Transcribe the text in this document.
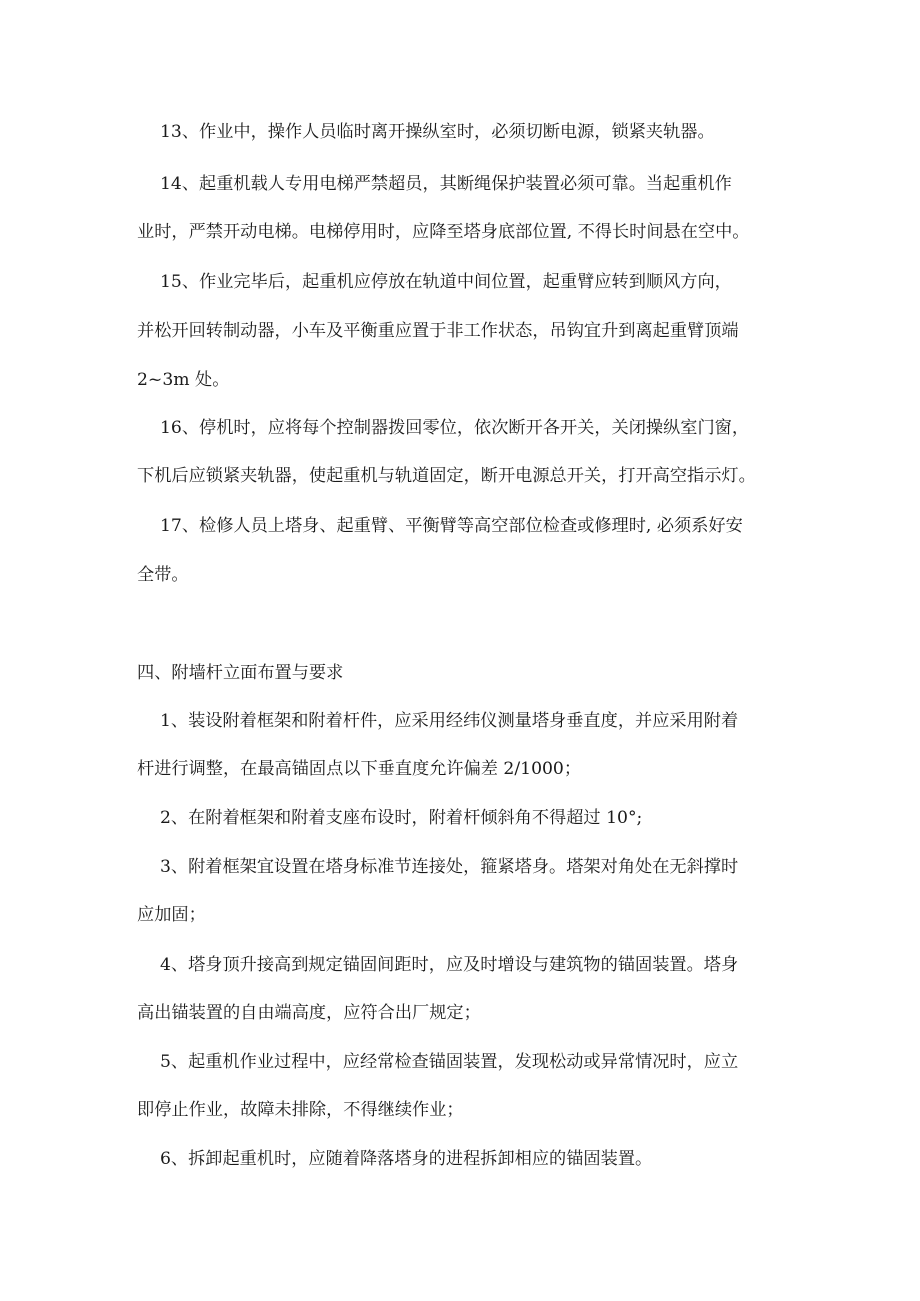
13、作业中，操作人员临时离开操纵室时，必须切断电源，锁紧夹轨器。
14、起重机载人专用电梯严禁超员，其断绳保护装置必须可靠。当起重机作
业时，严禁开动电梯。电梯停用时，应降至塔身底部位置, 不得长时间悬在空中。
15、作业完毕后，起重机应停放在轨道中间位置，起重臂应转到顺风方向，
并松开回转制动器，小车及平衡重应置于非工作状态，吊钩宜升到离起重臂顶端
2~3m 处。
16、停机时，应将每个控制器拨回零位，依次断开各开关，关闭操纵室门窗，
下机后应锁紧夹轨器，使起重机与轨道固定，断开电源总开关，打开高空指示灯。
17、检修人员上塔身、起重臂、平衡臂等高空部位检查或修理时, 必须系好安
全带。
四、附墙杆立面布置与要求
1、装设附着框架和附着杆件，应采用经纬仪测量塔身垂直度，并应采用附着
杆进行调整，在最高锚固点以下垂直度允许偏差 2/1000；
2、在附着框架和附着支座布设时，附着杆倾斜角不得超过 10°;
3、附着框架宜设置在塔身标准节连接处，箍紧塔身。塔架对角处在无斜撑时
应加固；
4、塔身顶升接高到规定锚固间距时，应及时增设与建筑物的锚固装置。塔身
高出锚装置的自由端高度，应符合出厂规定；
5、起重机作业过程中，应经常检查锚固装置，发现松动或异常情况时，应立
即停止作业，故障未排除，不得继续作业；
6、拆卸起重机时，应随着降落塔身的进程拆卸相应的锚固装置。
